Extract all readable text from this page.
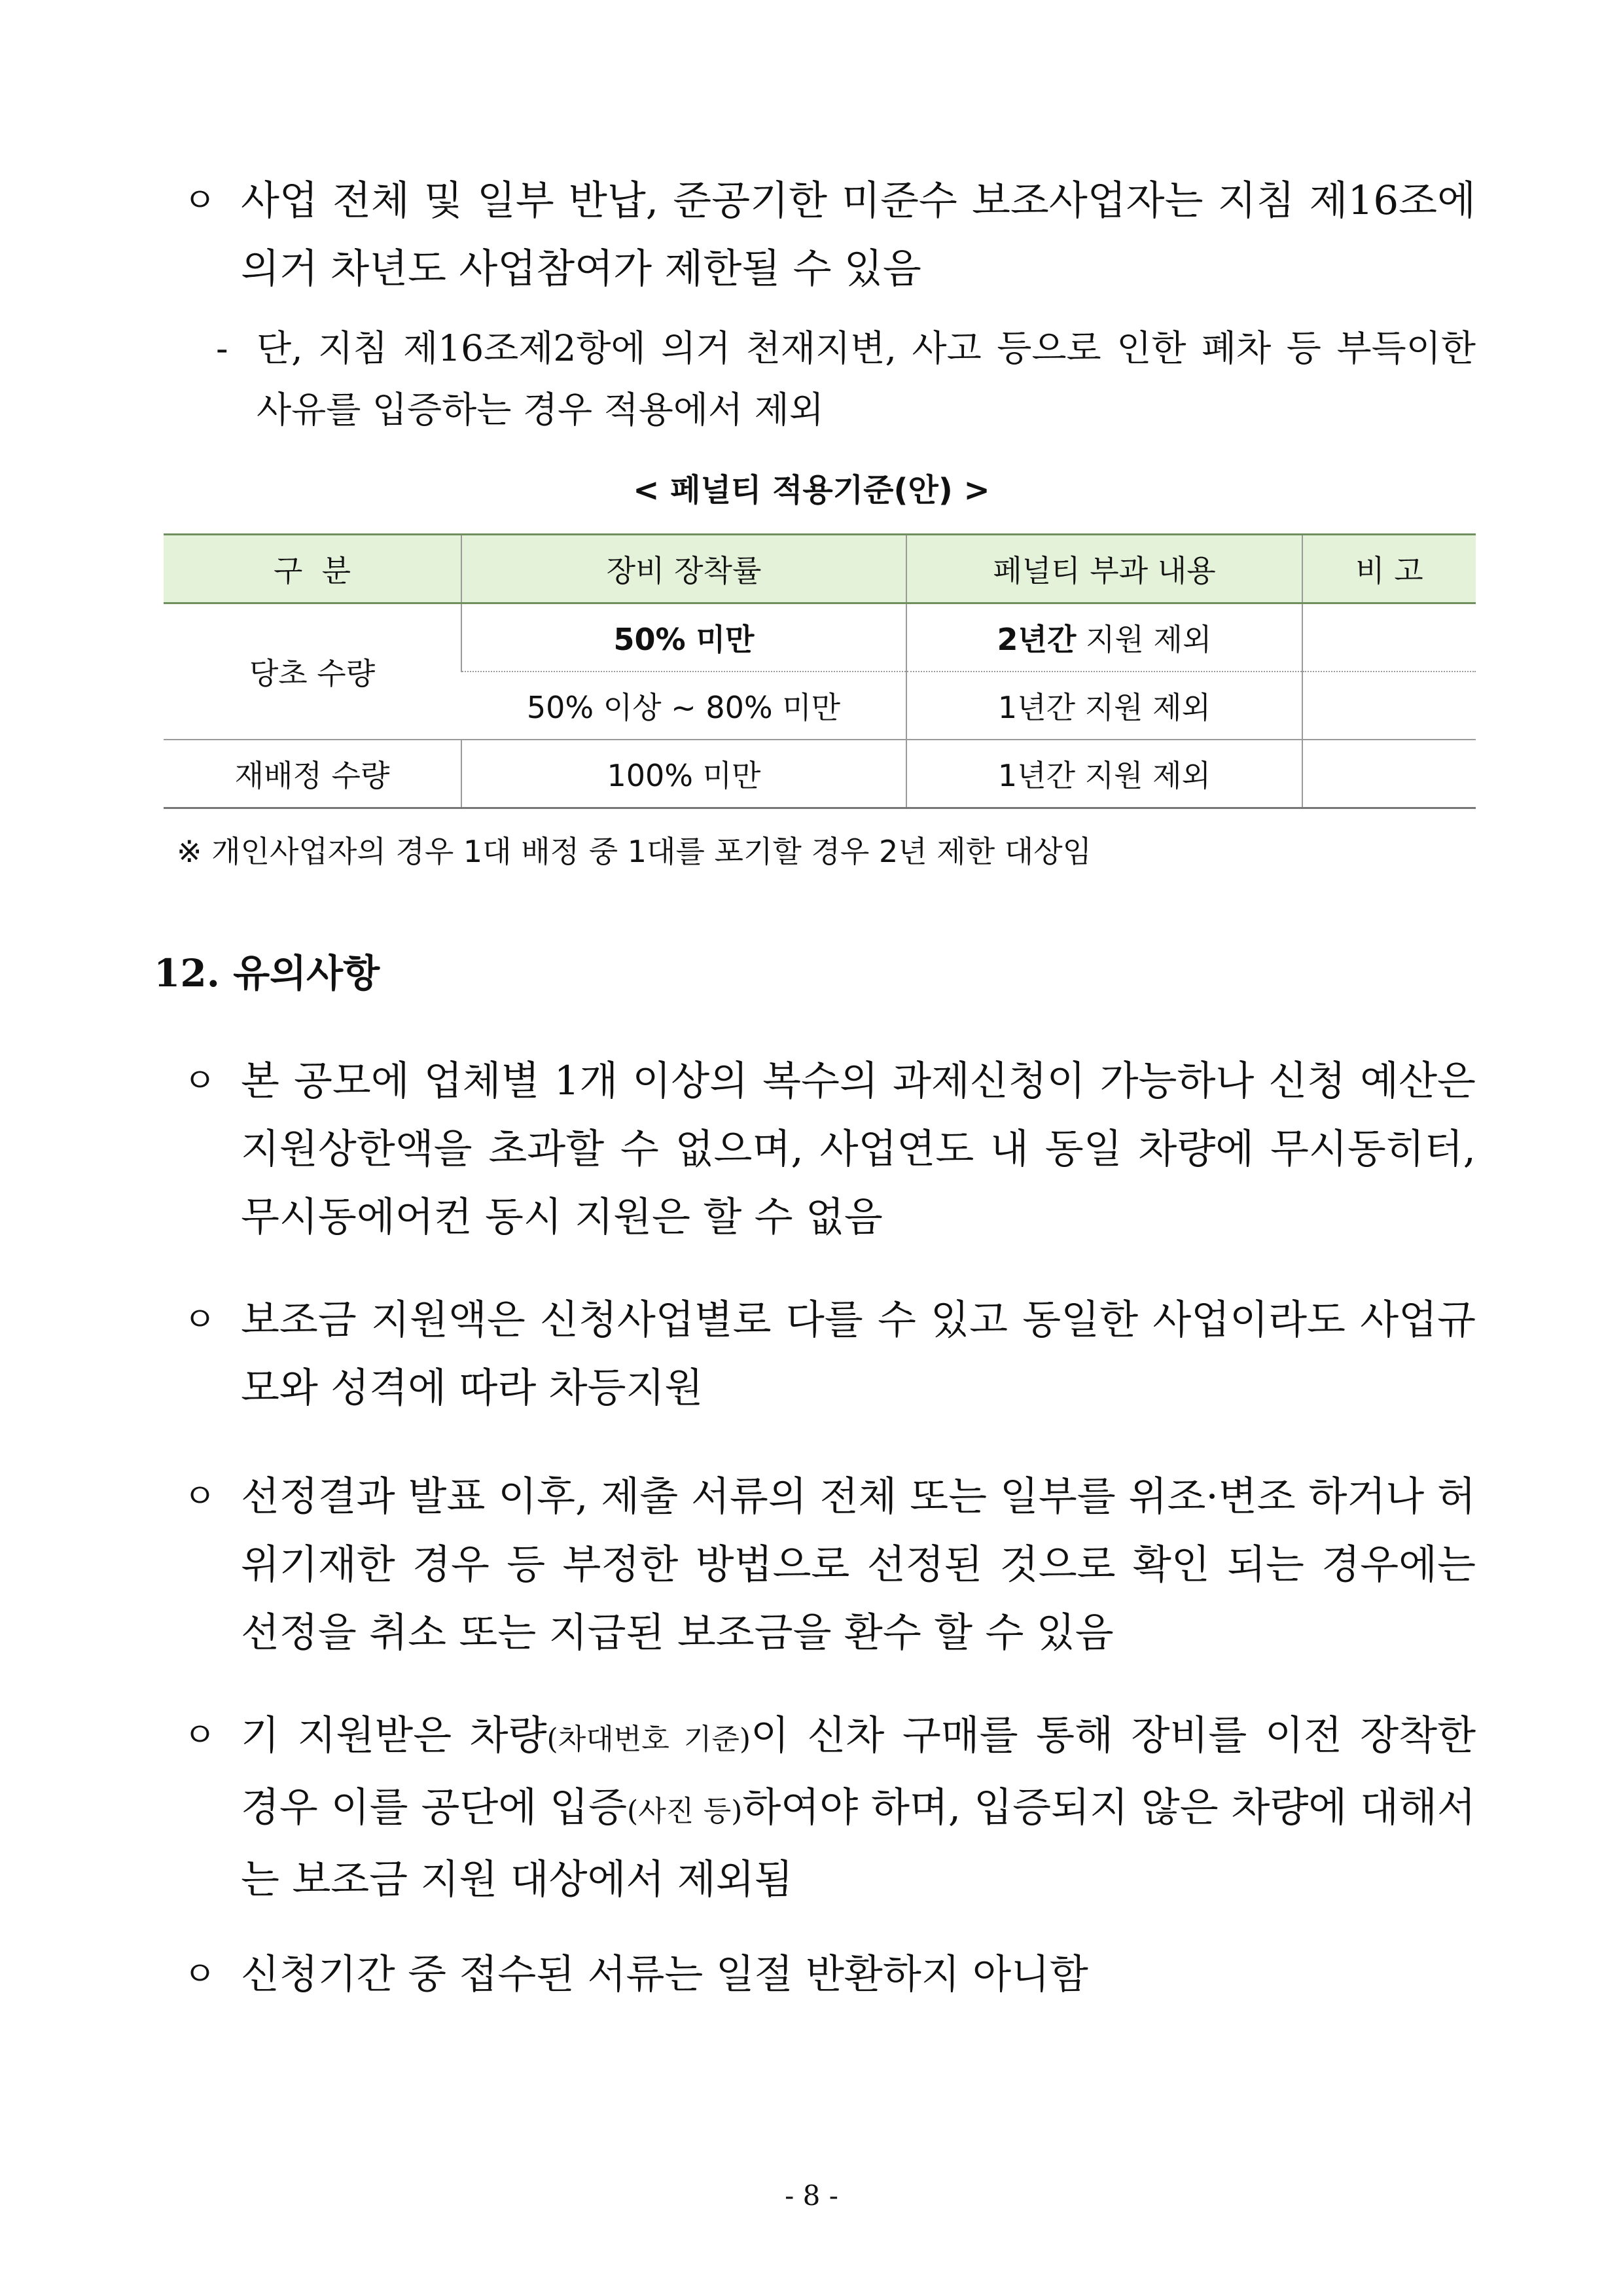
ㅇ 사업 전체 및 일부 반납, 준공기한 미준수 보조사업자는 지침 제16조에 의거 차년도 사업참여가 제한될 수 있음
- 단, 지침 제16조제2항에 의거 천재지변, 사고 등으로 인한 폐차 등 부득이한 사유를 입증하는 경우 적용에서 제외
< 페널티 적용기준(안) >
구  분	장비 장착률	페널티 부과 내용	비 고
당초 수량	50% 미만	2년간 지원 제외	
	50% 이상 ~ 80% 미만	1년간 지원 제외	
재배정 수량	100% 미만	1년간 지원 제외	
※ 개인사업자의 경우 1대 배정 중 1대를 포기할 경우 2년 제한 대상임
12. 유의사항
ㅇ 본 공모에 업체별 1개 이상의 복수의 과제신청이 가능하나 신청 예산은 지원상한액을 초과할 수 없으며, 사업연도 내 동일 차량에 무시동히터, 무시동에어컨 동시 지원은 할 수 없음
ㅇ 보조금 지원액은 신청사업별로 다를 수 있고 동일한 사업이라도 사업규모와 성격에 따라 차등지원
ㅇ 선정결과 발표 이후, 제출 서류의 전체 또는 일부를 위조·변조 하거나 허위기재한 경우 등 부정한 방법으로 선정된 것으로 확인 되는 경우에는 선정을 취소 또는 지급된 보조금을 환수 할 수 있음
ㅇ 기 지원받은 차량(차대번호 기준)이 신차 구매를 통해 장비를 이전 장착한 경우 이를 공단에 입증(사진 등)하여야 하며, 입증되지 않은 차량에 대해서는 보조금 지원 대상에서 제외됨
ㅇ 신청기간 중 접수된 서류는 일절 반환하지 아니함
- 8 -
